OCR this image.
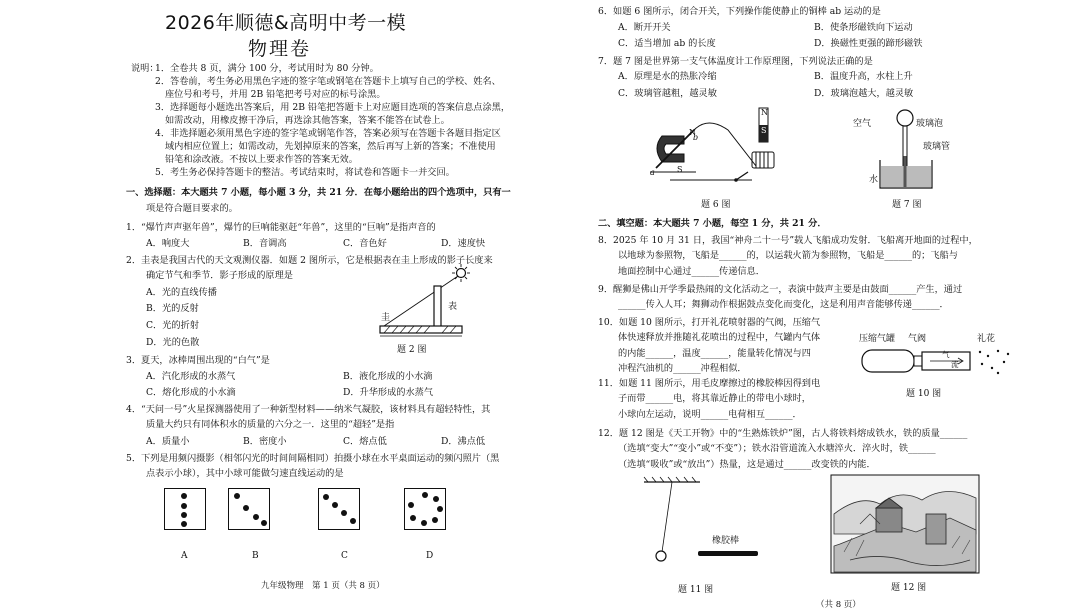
2026年顺德&高明中考一模
物理卷
说明：
1．全卷共 8 页，满分 100 分，考试用时为 80 分钟。
2．答卷前，考生务必用黑色字迹的签字笔或钢笔在答题卡上填写自己的学校、姓名、
座位号和考号，并用 2B 铅笔把考号对应的标号涂黑。
3．选择题每小题选出答案后，用 2B 铅笔把答题卡上对应题目选项的答案信息点涂黑，
如需改动，用橡皮擦干净后，再选涂其他答案，答案不能答在试卷上。
4．非选择题必须用黑色字迹的签字笔或钢笔作答，答案必须写在答题卡各题目指定区
域内相应位置上；如需改动，先划掉原来的答案，然后再写上新的答案；不准使用
铅笔和涂改液。不按以上要求作答的答案无效。
5．考生务必保持答题卡的整洁。考试结束时，将试卷和答题卡一并交回。
一、选择题：本大题共 7 小题，每小题 3 分，共 21 分．在每小题给出的四个选项中，只有一
项是符合题目要求的。
1．“爆竹声声驱年兽”，爆竹的巨响能驱赶“年兽”，这里的“巨响”是指声音的
A．响度大	B．音调高	C．音色好	D．速度快
2．圭表是我国古代的天文观测仪器．如题 2 图所示，它是根据表在圭上形成的影子长度来
确定节气和季节．影子形成的原理是
A．光的直线传播
B．光的反射
C．光的折射
D．光的色散
圭
表
题 2 图
3．夏天，冰棒周围出现的“白气”是
A．汽化形成的水蒸气	B．液化形成的小水滴
C．熔化形成的小水滴	D．升华形成的水蒸气
4．“天问一号”火星探测器使用了一种新型材料——纳米气凝胶，该材料具有超轻特性，其
质量大约只有同体积水的质量的六分之一．这里的“超轻”是指
A．质量小	B．密度小	C．熔点低	D．沸点低
5．下列是用频闪摄影（相邻闪光的时间间隔相同）拍摄小球在水平桌面运动的频闪照片（黑
点表示小球），其中小球可能做匀速直线运动的是
A	B	C	D
九年级物理　第 1 页（共 8 页）
6．如题 6 图所示，闭合开关，下列操作能使静止的铜棒 ab 运动的是
A．断开开关	B．使条形磁铁向下运动
C．适当增加 ab 的长度	D．换磁性更强的蹄形磁铁
7．题 7 图是世界第一支气体温度计工作原理图，下列说法正确的是
A．原理是水的热胀冷缩	B．温度升高，水柱上升
C．玻璃管越粗，越灵敏	D．玻璃泡越大，越灵敏
N
S
a
b
N
S
题 6 图
空气	玻璃泡
玻璃管
水
题 7 图
二、填空题：本大题共 7 小题，每空 1 分，共 21 分．
8．2025 年 10 月 31 日，我国“神舟二十一号”载人飞船成功发射．飞船离开地面的过程中，
以地球为参照物，飞船是______的，以运载火箭为参照物，飞船是______的；飞船与
地面控制中心通过______传递信息．
9．醒狮是佛山开学季最热闹的文化活动之一，表演中鼓声主要是由鼓面______产生，通过
______传入人耳；舞狮动作根据鼓点变化而变化，这是利用声音能够传递______．
10．如题 10 图所示，打开礼花喷射器的气阀，压缩气
体快速释放并推随礼花喷出的过程中，气罐内气体
的内能______，温度______，能量转化情况与四
冲程汽油机的______冲程相似．
压缩气罐 气阀	礼花
气
流
题 10 图
11．如题 11 图所示，用毛皮摩擦过的橡胶棒因得到电
子而带______电，将其靠近静止的带电小球时，
小球向左运动，说明______电荷相互______．
12．题 12 图是《天工开物》中的“生熟炼铁炉”图，古人将铁料熔成铁水，铁的质量______
（选填“变大”“变小”或“不变”）；铁水沿管道流入水塘淬火．淬火时，铁______
（选填“吸收”或“放出”）热量，这是通过______改变铁的内能．
橡胶棒
题 11 图	题 12 图
（共 8 页）
